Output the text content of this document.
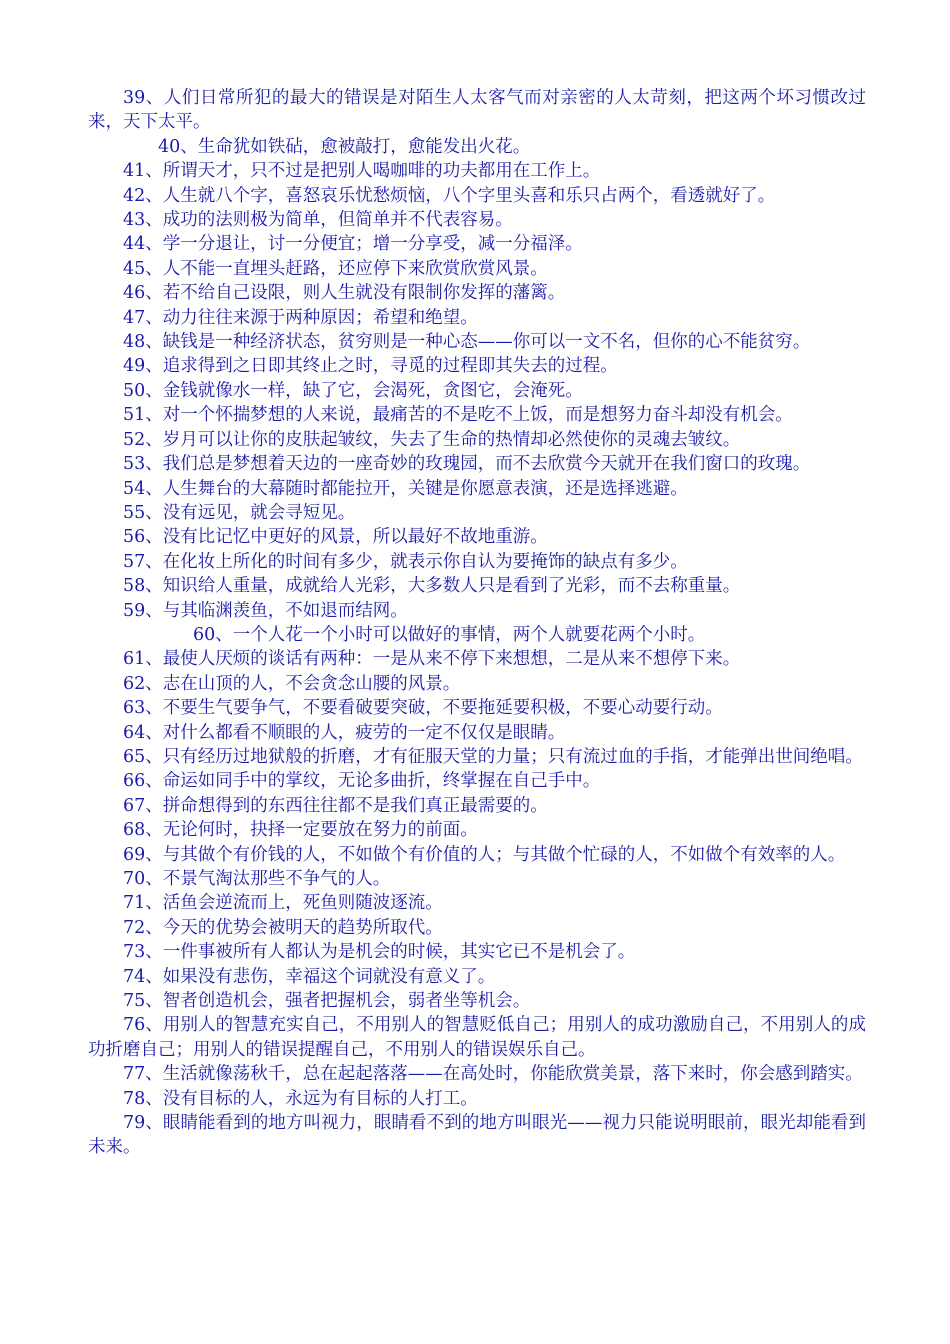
39、人们日常所犯的最大的错误是对陌生人太客气而对亲密的人太苛刻，把这两个坏习惯改过来，天下太平。

40、生命犹如铁砧，愈被敲打，愈能发出火花。

41、所谓天才，只不过是把别人喝咖啡的功夫都用在工作上。

42、人生就八个字，喜怒哀乐忧愁烦恼，八个字里头喜和乐只占两个，看透就好了。

43、成功的法则极为简单，但简单并不代表容易。

44、学一分退让，讨一分便宜；增一分享受，减一分福泽。

45、人不能一直埋头赶路，还应停下来欣赏欣赏风景。

46、若不给自己设限，则人生就没有限制你发挥的藩篱。

47、动力往往来源于两种原因；希望和绝望。

48、缺钱是一种经济状态，贫穷则是一种心态——你可以一文不名，但你的心不能贫穷。

49、追求得到之日即其终止之时，寻觅的过程即其失去的过程。

50、金钱就像水一样，缺了它，会渴死，贪图它，会淹死。

51、对一个怀揣梦想的人来说，最痛苦的不是吃不上饭，而是想努力奋斗却没有机会。

52、岁月可以让你的皮肤起皱纹，失去了生命的热情却必然使你的灵魂去皱纹。

53、我们总是梦想着天边的一座奇妙的玫瑰园，而不去欣赏今天就开在我们窗口的玫瑰。

54、人生舞台的大幕随时都能拉开，关键是你愿意表演，还是选择逃避。

55、没有远见，就会寻短见。

56、没有比记忆中更好的风景，所以最好不故地重游。

57、在化妆上所化的时间有多少，就表示你自认为要掩饰的缺点有多少。

58、知识给人重量，成就给人光彩，大多数人只是看到了光彩，而不去称重量。

59、与其临渊羡鱼，不如退而结网。

60、一个人花一个小时可以做好的事情，两个人就要花两个小时。

61、最使人厌烦的谈话有两种：一是从来不停下来想想，二是从来不想停下来。

62、志在山顶的人，不会贪念山腰的风景。

63、不要生气要争气，不要看破要突破，不要拖延要积极，不要心动要行动。

64、对什么都看不顺眼的人，疲劳的一定不仅仅是眼睛。

65、只有经历过地狱般的折磨，才有征服天堂的力量；只有流过血的手指，才能弹出世间绝唱。

66、命运如同手中的掌纹，无论多曲折，终掌握在自己手中。

67、拼命想得到的东西往往都不是我们真正最需要的。

68、无论何时，抉择一定要放在努力的前面。

69、与其做个有价钱的人，不如做个有价值的人；与其做个忙碌的人，不如做个有效率的人。

70、不景气淘汰那些不争气的人。

71、活鱼会逆流而上，死鱼则随波逐流。

72、今天的优势会被明天的趋势所取代。

73、一件事被所有人都认为是机会的时候，其实它已不是机会了。

74、如果没有悲伤，幸福这个词就没有意义了。

75、智者创造机会，强者把握机会，弱者坐等机会。

76、用别人的智慧充实自己，不用别人的智慧贬低自己；用别人的成功激励自己，不用别人的成功折磨自己；用别人的错误提醒自己，不用别人的错误娱乐自己。

77、生活就像荡秋千，总在起起落落——在高处时，你能欣赏美景，落下来时，你会感到踏实。

78、没有目标的人，永远为有目标的人打工。

79、眼睛能看到的地方叫视力，眼睛看不到的地方叫眼光——视力只能说明眼前，眼光却能看到未来。
